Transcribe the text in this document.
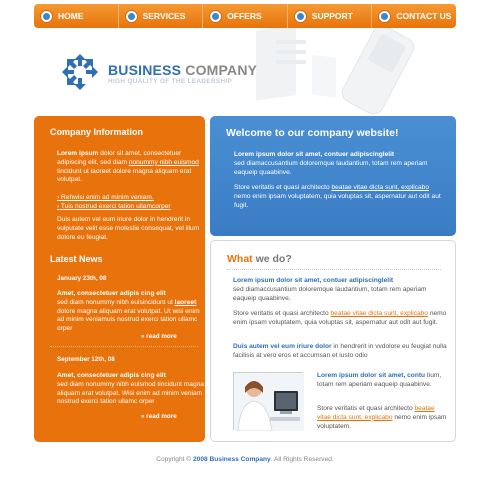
HOME	SERVICES	OFFERS	SUPPORT	CONTACT US
BUSINESS COMPANY
HIGH QUALITY OF THE LEADERSHIP
Company Information
Lorem ipsum dolor sit amet, consectetuer adipiscing elit, sed diam nonummy nibh euismod tincidunt ut laoreet dolore magna aliquam erat volutpat.
› Rehwisi enim ad minim veniam.
› Tuis nostrud exerci tation ullamcorper
Duis autem vel eum iriure dolor in hendrerit in vulputate velit esse molestie consequat, vel illum dolore eu feugiat.
Latest News
January 23th, 08
Amet, consectetuer adipis cing elit
sed diam nonummy nibh euisincidunt ut laoreet dolore magna aliquam erat volutpat. Ut wisi enim ad minim veniamuis nostrud exerci tation ullamc orper
» read more
September 12th, 08
Amet, consectetuer adipis cing elit
sed diam nonummy nibh euismod tincidunt magna aliquam erat volutpat. Wisi enim ad minim veniam nostrud exerci tation ullamc orper
» read more
Welcome to our company website!
Lorem ipsum dolor sit amet, contuer adipiscinglelit
sed diamaccusantium doloremque laudantium, totam rem aperiam eaqueip quaabinve.
Store veritatis et quasi architecto beatae vitae dicta sunt, explicabo nemo enim ipsam voluptatem, quia voluptas sit, aspernatur aut odit aut fugit.
What we do?
Lorem ipsum dolor sit amet, contuer adipiscinglelit
sed diamaccusantium doloremque laudantium, totam rem aperiam eaqueip quaabinve.
Store veritatis et quasi architecto beatae vitae dicta sunt, explicabo nemo enim ipsam voluptatem, quia voluptas sit, aspernatur aut odit aut fugit.
Duis autem vel eum iriure dolor in hendrerit in vvdolore eu feugiat nulla facilisis at vero eros et accumsan et iusto odio
Lorem ipsum dolor sit amet, contu tium, totam rem aperiam eaqueip quaabinve.
Store veritatis et quasi architecto beatae vitae dicta sunt, explicabo nemo enim ipsam voluptatem.
Copyright © 2008 Business Company. All Rights Reserved.
